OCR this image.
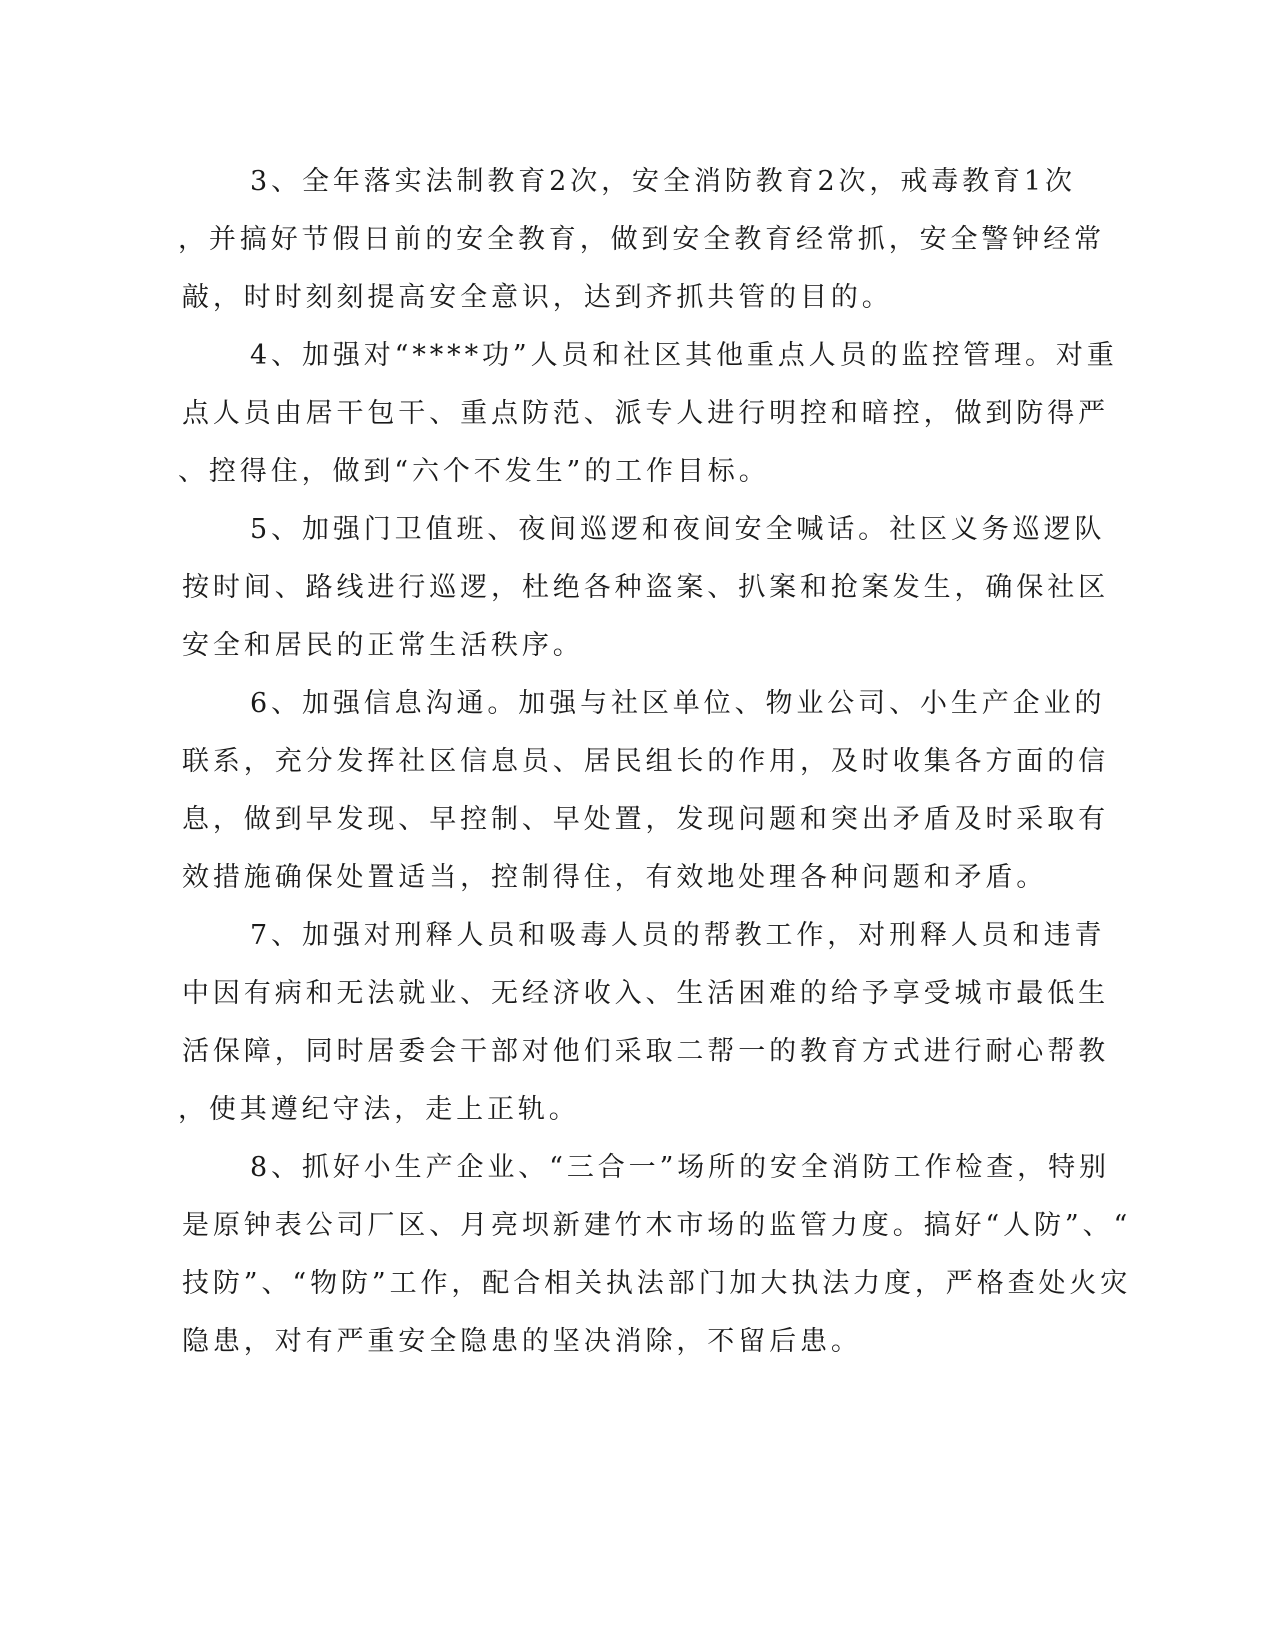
3、全年落实法制教育2次，安全消防教育2次，戒毒教育1次
，并搞好节假日前的安全教育，做到安全教育经常抓，安全警钟经常
敲，时时刻刻提高安全意识，达到齐抓共管的目的。
4、加强对“****功”人员和社区其他重点人员的监控管理。对重
点人员由居干包干、重点防范、派专人进行明控和暗控，做到防得严
、控得住，做到“六个不发生”的工作目标。
5、加强门卫值班、夜间巡逻和夜间安全喊话。社区义务巡逻队
按时间、路线进行巡逻，杜绝各种盗案、扒案和抢案发生，确保社区
安全和居民的正常生活秩序。
6、加强信息沟通。加强与社区单位、物业公司、小生产企业的
联系，充分发挥社区信息员、居民组长的作用，及时收集各方面的信
息，做到早发现、早控制、早处置，发现问题和突出矛盾及时采取有
效措施确保处置适当，控制得住，有效地处理各种问题和矛盾。
7、加强对刑释人员和吸毒人员的帮教工作，对刑释人员和违青
中因有病和无法就业、无经济收入、生活困难的给予享受城市最低生
活保障，同时居委会干部对他们采取二帮一的教育方式进行耐心帮教
，使其遵纪守法，走上正轨。
8、抓好小生产企业、“三合一”场所的安全消防工作检查，特别
是原钟表公司厂区、月亮坝新建竹木市场的监管力度。搞好“人防”、“
技防”、“物防”工作，配合相关执法部门加大执法力度，严格查处火灾
隐患，对有严重安全隐患的坚决消除，不留后患。
